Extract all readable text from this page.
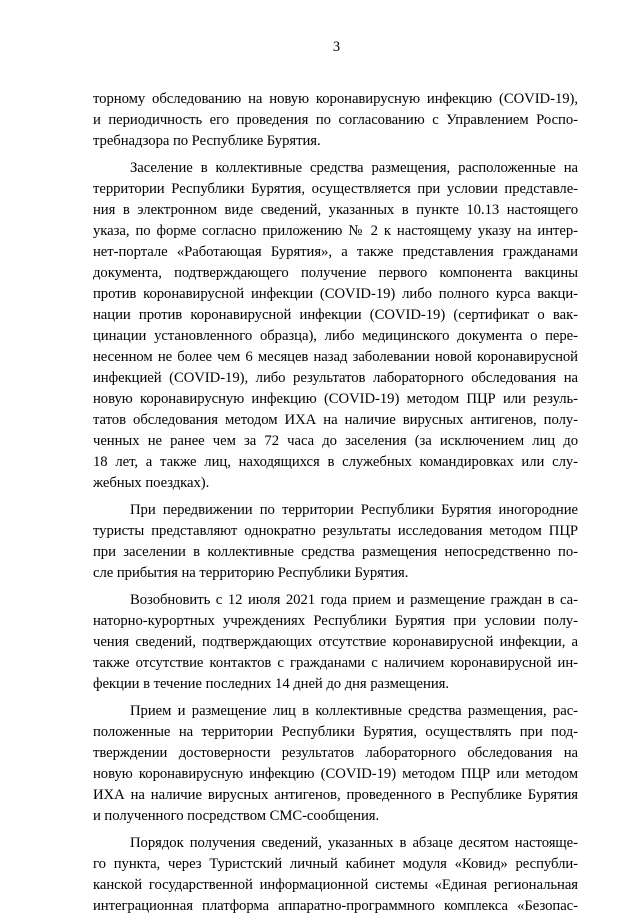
3
торному обследованию на новую коронавирусную инфекцию (COVID-19),
и периодичность его проведения по согласованию с Управлением Роспо-
требнадзора по Республике Бурятия.
Заселение в коллективные средства размещения, расположенные на
территории Республики Бурятия, осуществляется при условии представле-
ния в электронном виде сведений, указанных в пункте 10.13 настоящего
указа, по форме согласно приложению № 2 к настоящему указу на интер-
нет-портале «Работающая Бурятия», а также представления гражданами
документа, подтверждающего получение первого компонента вакцины
против коронавирусной инфекции (COVID-19) либо полного курса вакци-
нации против коронавирусной инфекции (COVID-19) (сертификат о вак-
цинации установленного образца), либо медицинского документа о пере-
несенном не более чем 6 месяцев назад заболевании новой коронавирусной
инфекцией (COVID-19), либо результатов лабораторного обследования на
новую коронавирусную инфекцию (COVID-19) методом ПЦР или резуль-
татов обследования методом ИХА на наличие вирусных антигенов, полу-
ченных не ранее чем за 72 часа до заселения (за исключением лиц до
18 лет, а также лиц, находящихся в служебных командировках или слу-
жебных поездках).
При передвижении по территории Республики Бурятия иногородние
туристы представляют однократно результаты исследования методом ПЦР
при заселении в коллективные средства размещения непосредственно по-
сле прибытия на территорию Республики Бурятия.
Возобновить с 12 июля 2021 года прием и размещение граждан в са-
наторно-курортных учреждениях Республики Бурятия при условии полу-
чения сведений, подтверждающих отсутствие коронавирусной инфекции, а
также отсутствие контактов с гражданами с наличием коронавирусной ин-
фекции в течение последних 14 дней до дня размещения.
Прием и размещение лиц в коллективные средства размещения, рас-
положенные на территории Республики Бурятия, осуществлять при под-
тверждении достоверности результатов лабораторного обследования на
новую коронавирусную инфекцию (COVID-19) методом ПЦР или методом
ИХА на наличие вирусных антигенов, проведенного в Республике Бурятия
и полученного посредством СМС-сообщения.
Порядок получения сведений, указанных в абзаце десятом настояще-
го пункта, через Туристский личный кабинет модуля «Ковид» республи-
канской государственной информационной системы «Единая региональная
интеграционная платформа аппаратно-программного комплекса «Безопас-
